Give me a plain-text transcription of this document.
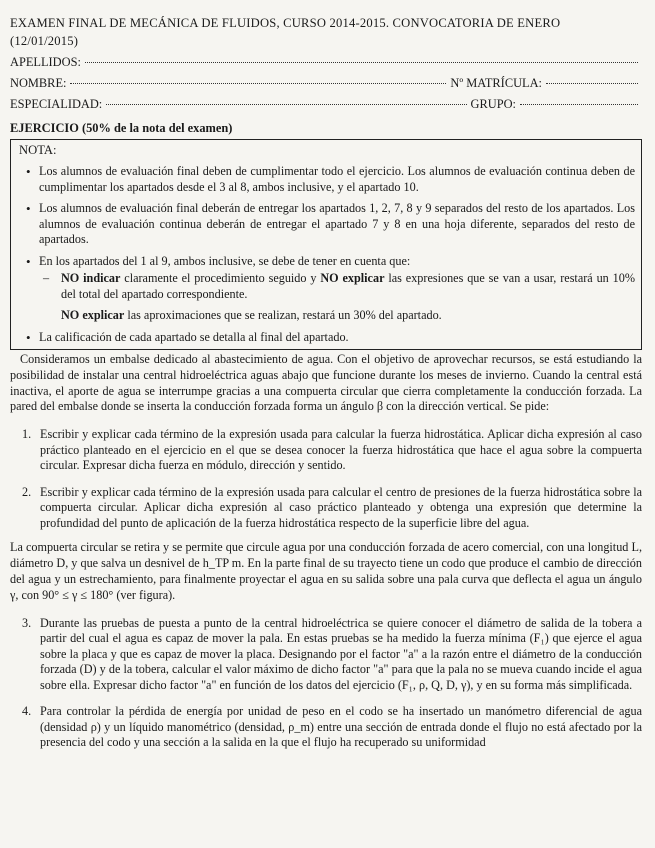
EXAMEN FINAL DE MECÁNICA DE FLUIDOS, CURSO 2014-2015. CONVOCATORIA DE ENERO
(12/01/2015)
APELLIDOS:
NOMBRE:	Nº MATRÍCULA:
ESPECIALIDAD:	GRUPO:
EJERCICIO (50% de la nota del examen)
NOTA:
• Los alumnos de evaluación final deben de cumplimentar todo el ejercicio. Los alumnos de evaluación continua deben de cumplimentar los apartados desde el 3 al 8, ambos inclusive, y el apartado 10.
• Los alumnos de evaluación final deberán de entregar los apartados 1, 2, 7, 8 y 9 separados del resto de los apartados. Los alumnos de evaluación continua deberán de entregar el apartado 7 y 8 en una hoja diferente, separados del resto de apartados.
• En los apartados del 1 al 9, ambos inclusive, se debe de tener en cuenta que:

– NO indicar claramente el procedimiento seguido y NO explicar las expresiones que se van a usar, restará un 10% del total del apartado correspondiente.

NO explicar las aproximaciones que se realizan, restará un 30% del apartado.

• La calificación de cada apartado se detalla al final del apartado.

Consideramos un embalse dedicado al abastecimiento de agua. Con el objetivo de aprovechar recursos, se está estudiando la posibilidad de instalar una central hidroeléctrica aguas abajo que funcione durante los meses de invierno. Cuando la central está inactiva, el aporte de agua se interrumpe gracias a una compuerta circular que cierra completamente la conducción forzada. La pared del embalse donde se inserta la conducción forzada forma un ángulo β con la dirección vertical. Se pide:

1. Escribir y explicar cada término de la expresión usada para calcular la fuerza hidrostática. Aplicar dicha expresión al caso práctico planteado en el ejercicio en el que se desea conocer la fuerza hidrostática que hace el agua sobre la compuerta circular. Expresar dicha fuerza en módulo, dirección y sentido.
2. Escribir y explicar cada término de la expresión usada para calcular el centro de presiones de la fuerza hidrostática sobre la compuerta circular. Aplicar dicha expresión al caso práctico planteado y obtenga una expresión que determine la profundidad del punto de aplicación de la fuerza hidrostática respecto de la superficie libre del agua.

La compuerta circular se retira y se permite que circule agua por una conducción forzada de acero comercial, con una longitud L, diámetro D, y que salva un desnivel de h_TP m. En la parte final de su trayecto tiene un codo que produce el cambio de dirección del agua y un estrechamiento, para finalmente proyectar el agua en su salida sobre una pala curva que deflecta el agua un ángulo γ, con 90° ≤ γ ≤ 180° (ver figura).

3. Durante las pruebas de puesta a punto de la central hidroeléctrica se quiere conocer el diámetro de salida de la tobera a partir del cual el agua es capaz de mover la pala. En estas pruebas se ha medido la fuerza mínima (F₁) que ejerce el agua sobre la placa y que es capaz de mover la placa. Designando por el factor "a" a la razón entre el diámetro de la conducción forzada (D) y de la tobera, calcular el valor máximo de dicho factor "a" para que la pala no se mueva cuando incide el agua sobre ella. Expresar dicho factor "a" en función de los datos del ejercicio (F₁, ρ, Q, D, γ), y en su forma más simplificada.
4. Para controlar la pérdida de energía por unidad de peso en el codo se ha insertado un manómetro diferencial de agua (densidad ρ) y un líquido manométrico (densidad, ρ_m) entre una sección de entrada donde el flujo no está afectado por la presencia del codo y una sección a la salida en la que el flujo ha recuperado su uniformidad
